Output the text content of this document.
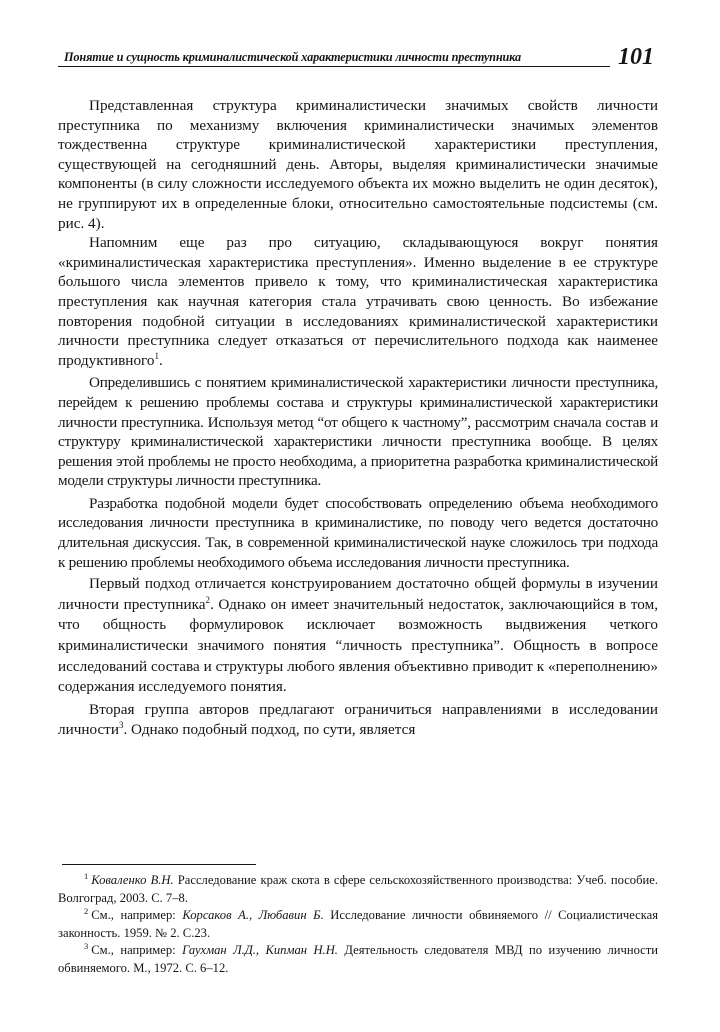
Понятие и сущность криминалистической характеристики личности преступника	101

Представленная структура криминалистически значимых свойств личности преступника по механизму включения криминалистически значимых элементов тождественна структуре криминалистической характеристики преступления, существующей на сегодняшний день. Авторы, выделяя криминалистически значимые компоненты (в силу сложности исследуемого объекта их можно выделить не один десяток), не группируют их в определенные блоки, относительно самостоятельные подсистемы (см. рис. 4).

Напомним еще раз про ситуацию, складывающуюся вокруг понятия «криминалистическая характеристика преступления». Именно выделение в ее структуре большого числа элементов привело к тому, что криминалистическая характеристика преступления как научная категория стала утрачивать свою ценность. Во избежание повторения подобной ситуации в исследованиях криминалистической характеристики личности преступника следует отказаться от перечислительного подхода как наименее продуктивного$^1$.

Определившись с понятием криминалистической характеристики личности преступника, перейдем к решению проблемы состава и структуры криминалистической характеристики личности преступника. Используя метод “от общего к частному”, рассмотрим сначала состав и структуру криминалистической характеристики личности преступника вообще. В целях решения этой проблемы не просто необходима, а приоритетна разработка криминалистической модели структуры личности преступника.

Разработка подобной модели будет способствовать определению объема необходимого исследования личности преступника в криминалистике, по поводу чего ведется достаточно длительная дискуссия. Так, в современной криминалистической науке сложилось три подхода к решению проблемы необходимого объема исследования личности преступника.

Первый подход отличается конструированием достаточно общей формулы в изучении личности преступника$^2$. Однако он имеет значительный недостаток, заключающийся в том, что общность формулировок исключает возможность выдвижения четкого криминалистически значимого понятия “личность преступника”. Общность в вопросе исследований состава и структуры любого явления объективно приводит к «переполнению» содержания исследуемого понятия.

Вторая группа авторов предлагают ограничиться направлениями в исследовании личности$^3$. Однако подобный подход, по сути, является

$^1$ Коваленко В.Н. Расследование краж скота в сфере сельскохозяйственного производства: Учеб. пособие. Волгоград, 2003. С. 7–8.

$^2$ См., например: Корсаков А., Любавин Б. Исследование личности обвиняемого // Социалистическая законность. 1959. № 2. С.23.

$^3$ См., например: Гаухман Л.Д., Кипман Н.Н. Деятельность следователя МВД по изучению личности обвиняемого. М., 1972. С. 6–12.
